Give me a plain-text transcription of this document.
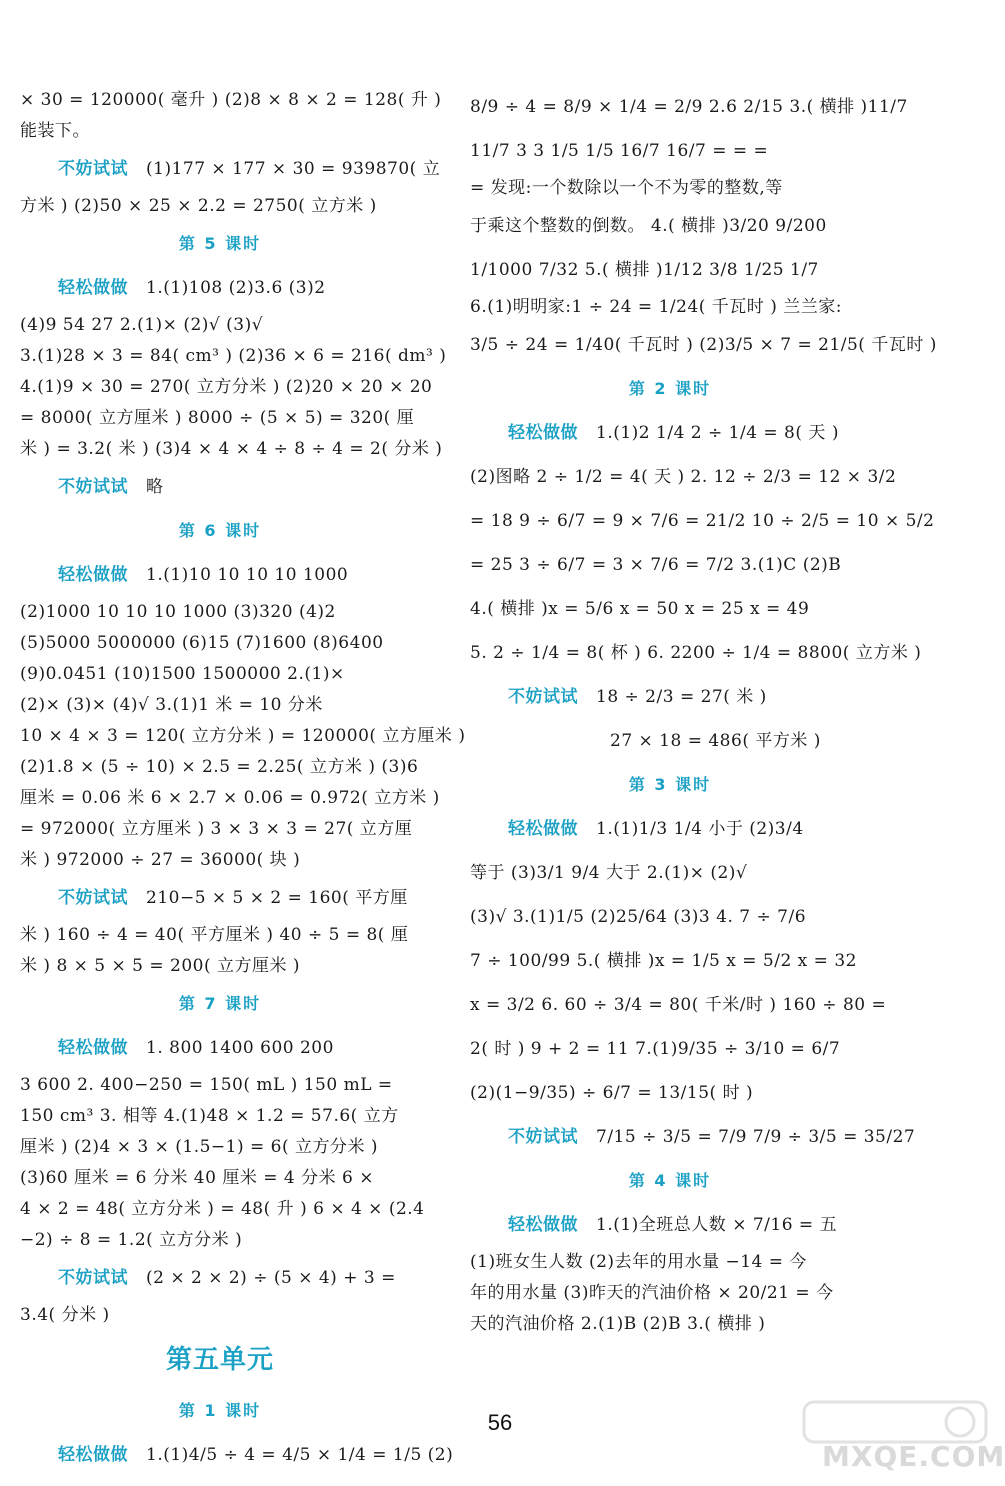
× 30 = 120000( 毫升 ) (2)8 × 8 × 2 = 128( 升 )
能装下。
不妨试试 (1)177 × 177 × 30 = 939870( 立
方米 ) (2)50 × 25 × 2.2 = 2750( 立方米 )
第 5 课时
轻松做做 1.(1)108 (2)3.6 (3)2
(4)9 54 27 2.(1)× (2)√ (3)√
3.(1)28 × 3 = 84( cm³ ) (2)36 × 6 = 216( dm³ )
4.(1)9 × 30 = 270( 立方分米 ) (2)20 × 20 × 20
= 8000( 立方厘米 ) 8000 ÷ (5 × 5) = 320( 厘
米 ) = 3.2( 米 ) (3)4 × 4 × 4 ÷ 8 ÷ 4 = 2( 分米 )
不妨试试 略
第 6 课时
轻松做做 1.(1)10 10 10 10 1000
(2)1000 10 10 10 1000 (3)320 (4)2
(5)5000 5000000 (6)15 (7)1600 (8)6400
(9)0.0451 (10)1500 1500000 2.(1)×
(2)× (3)× (4)√ 3.(1)1 米 = 10 分米
10 × 4 × 3 = 120( 立方分米 ) = 120000( 立方厘米 )
(2)1.8 × (5 ÷ 10) × 2.5 = 2.25( 立方米 ) (3)6
厘米 = 0.06 米 6 × 2.7 × 0.06 = 0.972( 立方米 )
= 972000( 立方厘米 ) 3 × 3 × 3 = 27( 立方厘
米 ) 972000 ÷ 27 = 36000( 块 )
不妨试试 210−5 × 5 × 2 = 160( 平方厘
米 ) 160 ÷ 4 = 40( 平方厘米 ) 40 ÷ 5 = 8( 厘
米 ) 8 × 5 × 5 = 200( 立方厘米 )
第 7 课时
轻松做做 1. 800 1400 600 200
3 600 2. 400−250 = 150( mL ) 150 mL =
150 cm³ 3. 相等 4.(1)48 × 1.2 = 57.6( 立方
厘米 ) (2)4 × 3 × (1.5−1) = 6( 立方分米 )
(3)60 厘米 = 6 分米 40 厘米 = 4 分米 6 ×
4 × 2 = 48( 立方分米 ) = 48( 升 ) 6 × 4 × (2.4
−2) ÷ 8 = 1.2( 立方分米 )
不妨试试 (2 × 2 × 2) ÷ (5 × 4) + 3 =
3.4( 分米 )
第五单元
第 1 课时
轻松做做 1.(1)4/5 ÷ 4 = 4/5 × 1/4 = 1/5 (2)
8/9 ÷ 4 = 8/9 × 1/4 = 2/9 2.6 2/15 3.( 横排 )11/7
11/7 3 3 1/5 1/5 16/7 16/7 = = =
= 发现:一个数除以一个不为零的整数,等
于乘这个整数的倒数。 4.( 横排 )3/20 9/200
1/1000 7/32 5.( 横排 )1/12 3/8 1/25 1/7
6.(1)明明家:1 ÷ 24 = 1/24( 千瓦时 ) 兰兰家:
3/5 ÷ 24 = 1/40( 千瓦时 ) (2)3/5 × 7 = 21/5( 千瓦时 )
第 2 课时
轻松做做 1.(1)2 1/4 2 ÷ 1/4 = 8( 天 )
(2)图略 2 ÷ 1/2 = 4( 天 ) 2. 12 ÷ 2/3 = 12 × 3/2
= 18 9 ÷ 6/7 = 9 × 7/6 = 21/2 10 ÷ 2/5 = 10 × 5/2
= 25 3 ÷ 6/7 = 3 × 7/6 = 7/2 3.(1)C (2)B
4.( 横排 )x = 5/6 x = 50 x = 25 x = 49
5. 2 ÷ 1/4 = 8( 杯 ) 6. 2200 ÷ 1/4 = 8800( 立方米 )
不妨试试 18 ÷ 2/3 = 27( 米 )
27 × 18 = 486( 平方米 )
第 3 课时
轻松做做 1.(1)1/3 1/4 小于 (2)3/4
等于 (3)3/1 9/4 大于 2.(1)× (2)√
(3)√ 3.(1)1/5 (2)25/64 (3)3 4. 7 ÷ 7/6
7 ÷ 100/99 5.( 横排 )x = 1/5 x = 5/2 x = 32
x = 3/2 6. 60 ÷ 3/4 = 80( 千米/时 ) 160 ÷ 80 =
2( 时 ) 9 + 2 = 11 7.(1)9/35 ÷ 3/10 = 6/7
(2)(1−9/35) ÷ 6/7 = 13/15( 时 )
不妨试试 7/15 ÷ 3/5 = 7/9 7/9 ÷ 3/5 = 35/27
第 4 课时
轻松做做 1.(1)全班总人数 × 7/16 = 五
(1)班女生人数 (2)去年的用水量 −14 = 今
年的用水量 (3)昨天的汽油价格 × 20/21 = 今
天的汽油价格 2.(1)B (2)B 3.( 横排 )
56
MXQE.COM
